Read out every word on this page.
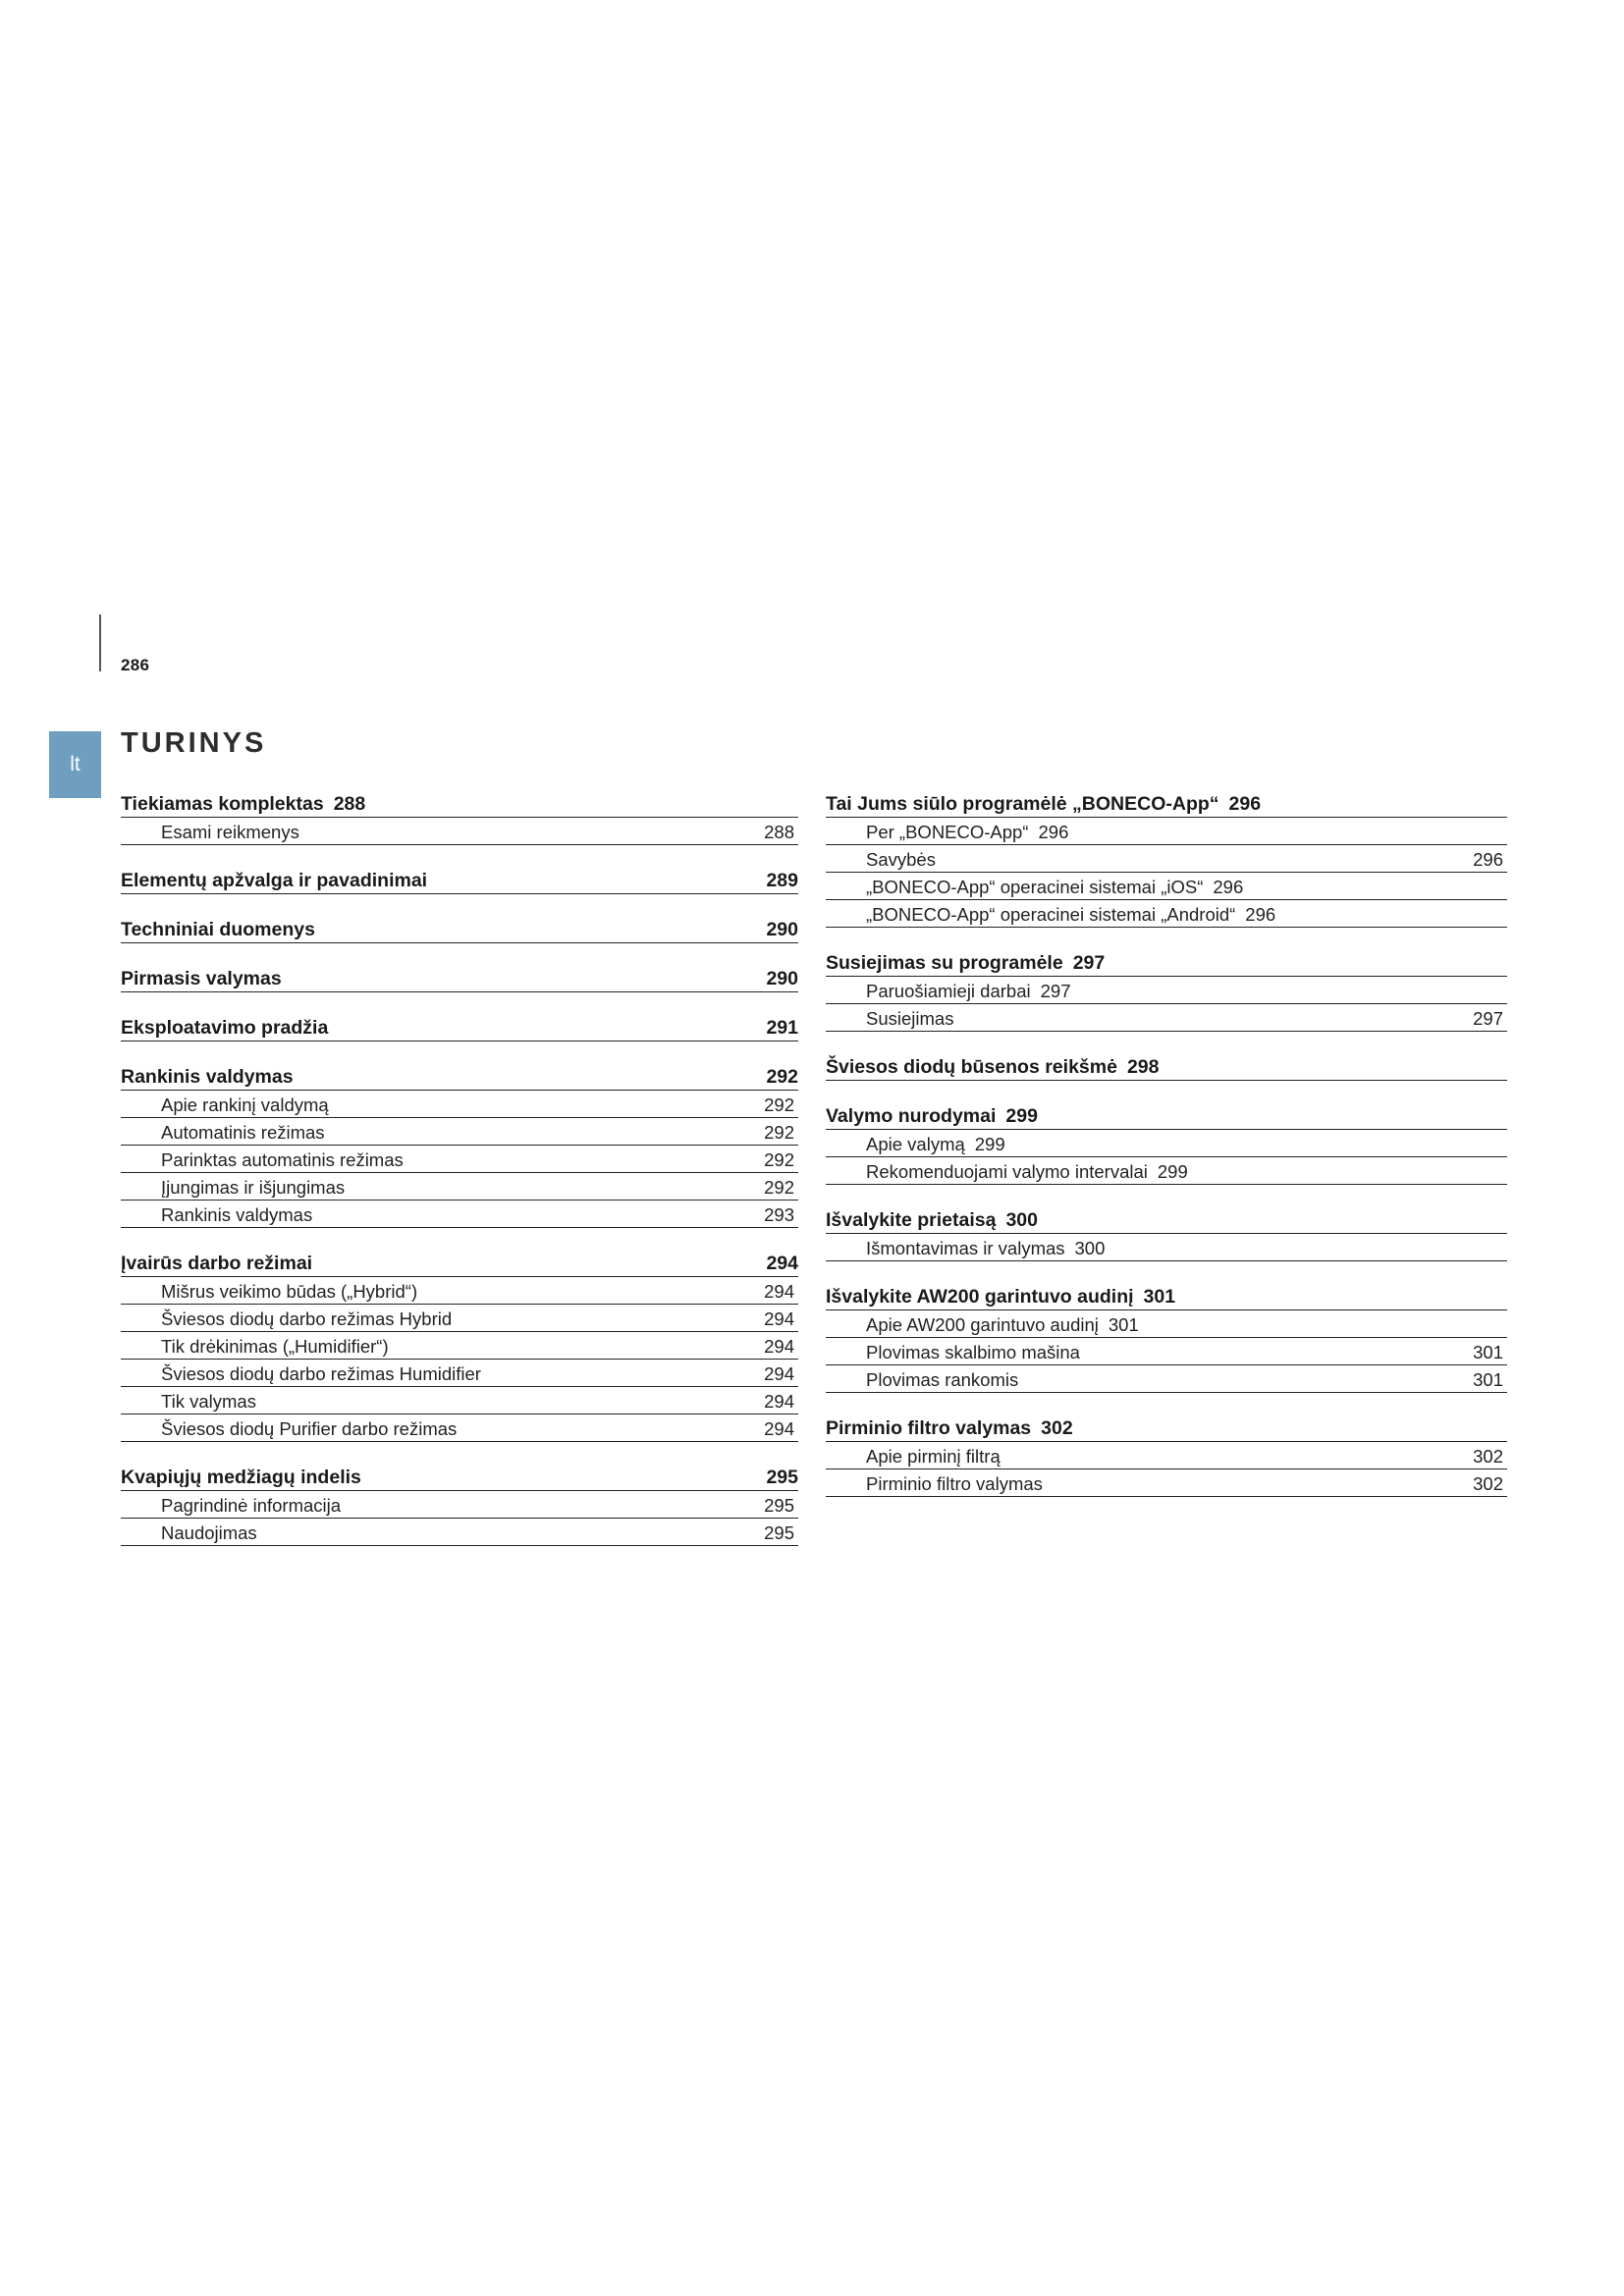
286
lt
TURINYS
Tiekiamas komplektas 288
Esami reikmenys	288
Elementų apžvalga ir pavadinimai	289
Techniniai duomenys	290
Pirmasis valymas	290
Eksploatavimo pradžia	291
Rankinis valdymas	292
Apie rankinį valdymą	292
Automatinis režimas	292
Parinktas automatinis režimas	292
Įjungimas ir išjungimas	292
Rankinis valdymas	293
Įvairūs darbo režimai	294
Mišrus veikimo būdas („Hybrid“)	294
Šviesos diodų darbo režimas Hybrid	294
Tik drėkinimas („Humidifier“)	294
Šviesos diodų darbo režimas Humidifier	294
Tik valymas	294
Šviesos diodų Purifier darbo režimas	294
Kvapiųjų medžiagų indelis	295
Pagrindinė informacija	295
Naudojimas	295
Tai Jums siūlo programėlė „BONECO-App“ 296
Per „BONECO-App“ 296
Savybės	296
„BONECO-App“ operacinei sistemai „iOS“ 296
„BONECO-App“ operacinei sistemai „Android“ 296
Susiejimas su programėle 297
Paruošiamieji darbai 297
Susiejimas	297
Šviesos diodų būsenos reikšmė 298
Valymo nurodymai 299
Apie valymą 299
Rekomenduojami valymo intervalai 299
Išvalykite prietaisą 300
Išmontavimas ir valymas 300
Išvalykite AW200 garintuvo audinį 301
Apie AW200 garintuvo audinį 301
Plovimas skalbimo mašina	301
Plovimas rankomis	301
Pirminio filtro valymas 302
Apie pirminį filtrą	302
Pirminio filtro valymas	302
